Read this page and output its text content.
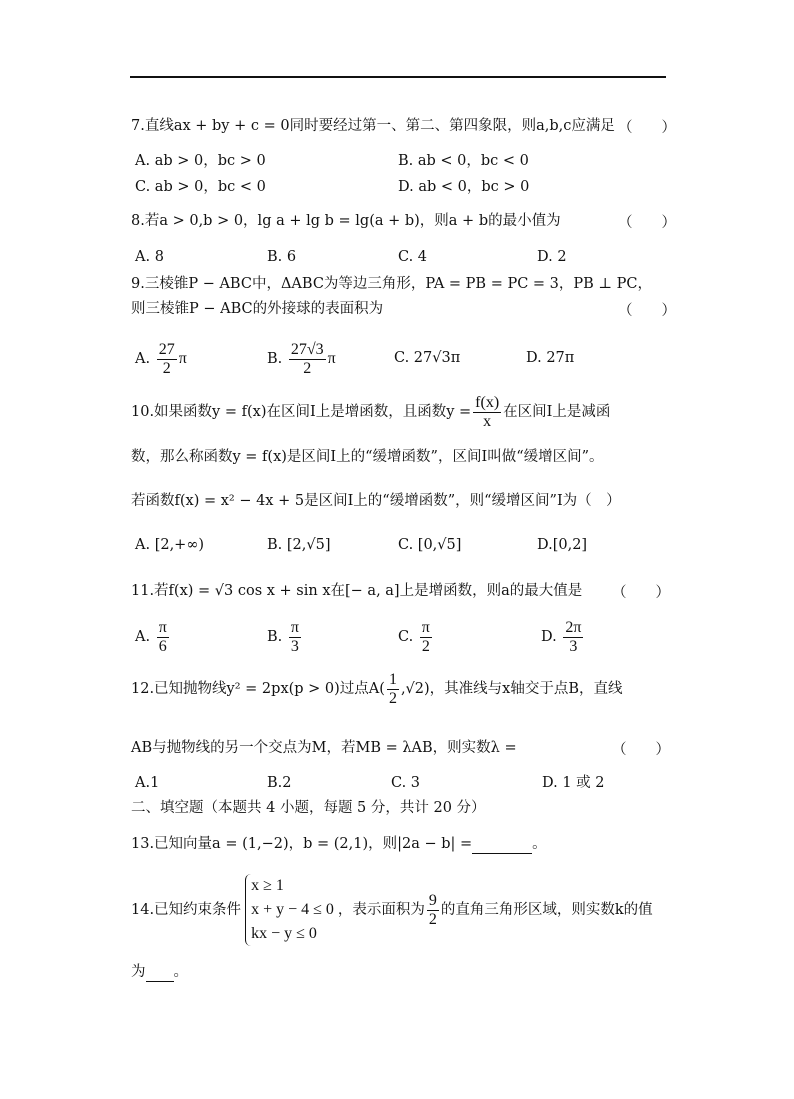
7.直线ax + by + c = 0同时要经过第一、第二、第四象限，则a,b,c应满足 （　　）
A. ab > 0，bc > 0	B. ab < 0，bc < 0
C. ab > 0，bc < 0	D. ab < 0，bc > 0
8.若a > 0,b > 0，lg a + lg b = lg(a + b)，则a + b的最小值为	（　　）
A. 8	B. 6	C. 4	D. 2
9.三棱锥P − ABC中，ΔABC为等边三角形，PA = PB = PC = 3，PB ⊥ PC，
则三棱锥P − ABC的外接球的表面积为	（　　）
A. $\frac{27}{2}$ π	B. $\frac{27√3}{2}$ π	C. 27√3π	D. 27π
10.如果函数y = f(x)在区间I上是增函数，且函数$y = \frac{f(x)}{x}$ 在区间I上是减函
数，那么称函数y = f(x)是区间I上的“缓增函数”，区间I叫做“缓增区间”。
若函数f(x) = x² − 4x + 5是区间I上的“缓增函数”，则“缓增区间”I为（　）
A. [2,+∞)	B. [2,√5]	C. [0,√5]	D.[0,2]
11.若f(x) = √3 cos x + sin x在[− a, a]上是增函数，则a的最大值是 （　　）
A. $\frac{\pi}{6}$	B. $\frac{\pi}{3}$	C. $\frac{\pi}{2}$	D. $\frac{2\pi}{3}$
12.已知抛物线y² = 2px(p > 0)过点$A( \frac{1}{2} ,√2)$，其准线与x轴交于点B，直线
AB与抛物线的另一个交点为M，若MB = λAB，则实数λ =	（　　）
A.1	B.2	C. 3	D. 1 或 2
二、填空题（本题共 4 小题，每题 5 分，共计 20 分）
13.已知向量a = (1,−2)，b = (2,1)，则|2a − b| =	。
14.已知约束条件
x ≥ 1
x + y − 4 ≤ 0
kx − y ≤ 0
，表示面积为 $\frac{9}{2}$ 的直角三角形区域，则实数k的值
为 。
